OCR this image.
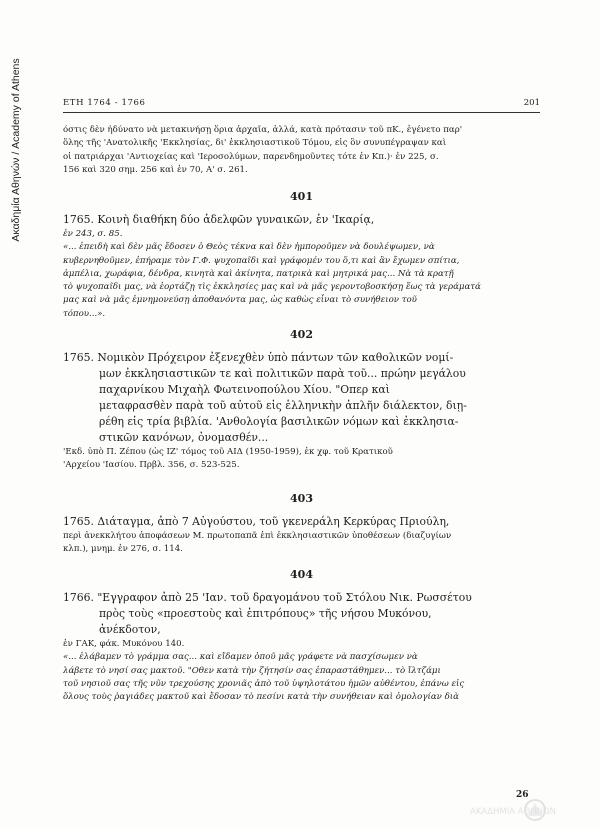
Ακαδημία Αθηνών / Academy of Athens	ΕΤΗ 1764 - 1766	201
όστις δὲν ἠδύνατο νὰ μετακινήσῃ ὅρια ἀρχαῖα, ἀλλά, κατὰ πρότασιν τοῦ πΚ., ἐγένετο παρ'
ὅλης τῆς 'Ανατολικῆς 'Εκκλησίας, δι' ἐκκλησιαστικοῦ Τόμου, εἰς ὃν συνυπέγραψαν καὶ
οἱ πατριάρχαι 'Αντιοχείας καὶ 'Ιεροσολύμων, παρενδημοῦντες τότε ἐν Κπ.)· ἐν 225, σ.
156 καὶ 320 σημ. 256 καὶ ἐν 70, Α' σ. 261.
401
1765. Κοινὴ διαθήκη δύο ἀδελφῶν γυναικῶν, ἐν 'Ικαρίᾳ,
ἐν 243, σ. 85.
«... ἐπειδὴ καὶ δὲν μᾶς ἔδοσεν ὁ Θεὸς τέκνα καὶ δὲν ἠμποροῦμεν νὰ δουλέψωμεν, νὰ
κυβερνηθοῦμεν, ἐπήραμε τὸν Γ.Φ. ψυχοπαῖδι καὶ γράφομέν του ὅ,τι καὶ ἂν ἔχωμεν σπίτια,
ἀμπέλια, χωράφια, δένδρα, κινητὰ καὶ ἀκίνητα, πατρικὰ καὶ μητρικά μας... Νὰ τὰ κρατῇ
τὸ ψυχοπαῖδι μας, νὰ ἑορτάζῃ τὶς ἐκκλησίες μας καὶ νὰ μᾶς γεροντοβοσκήσῃ ἕως τὰ γεράματά
μας καὶ νὰ μᾶς ἐμνημονεύσῃ ἀποθανόντα μας, ὡς καθὼς εἶναι τὸ συνήθειον τοῦ
τόπου...».
402
1765. Νομικὸν Πρόχειρον ἐξενεχθὲν ὑπὸ πάντων τῶν καθολικῶν νομί-
μων ἐκκλησιαστικῶν τε καὶ πολιτικῶν παρὰ τοῦ... πρώην μεγάλου
παχαρνίκου Μιχαὴλ Φωτεινοπούλου Χίου. "Οπερ καὶ
μεταφρασθὲν παρὰ τοῦ αὐτοῦ εἰς ἑλληνικὴν ἁπλῆν διάλεκτον, διῃ-
ρέθη εἰς τρία βιβλία. 'Ανθολογία βασιλικῶν νόμων καὶ ἐκκλησια-
στικῶν κανόνων, ὀνομασθέν...
'Εκδ. ὑπὸ Π. Ζέπου (ὡς ΙΖ' τόμος τοῦ ΑΙΔ (1950-1959), ἐκ χφ. τοῦ Κρατικοῦ
'Αρχείου 'Ιασίου. Πρβλ. 356, σ. 523-525.
403
1765. Διάταγμα, ἀπὸ 7 Αὐγούστου, τοῦ γκενεράλη Κερκύρας Πριούλη,
περὶ ἀνεκκλήτου ἀποφάσεων Μ. πρωτοπαπᾶ ἐπὶ ἐκκλησιαστικῶν ὑποθέσεων (διαζυγίων
κλπ.), μνημ. ἐν 276, σ. 114.
404
1766. "Εγγραφον ἀπὸ 25 'Ιαν. τοῦ δραγομάνου τοῦ Στόλου Νικ. Ρωσσέτου
πρὸς τοὺς «προεστοὺς καὶ ἐπιτρόπους» τῆς νήσου Μυκόνου,
ἀνέκδοτον,
ἐν ΓΑΚ, φάκ. Μυκόνου 140.
«... ἐλάβαμεν τὸ γράμμα σας... καὶ εἴδαμεν ὁποῦ μᾶς γράφετε νὰ πασχίσωμεν νὰ
λάβετε τὸ νησί σας μακτοῦ. "Οθεν κατὰ τὴν ζήτησίν σας ἐπαραστάθημεν... τὸ ἴλτζάμι
τοῦ νησιοῦ σας τῆς νῦν τρεχούσης χρονιᾶς ἀπὸ τοῦ ὑψηλοτάτου ἡμῶν αὐθέντου, ἐπάνω εἰς
ὅλους τοὺς ῥαγιάδες μακτοῦ καὶ ἔδοσαν τὸ πεσίνι κατὰ τὴν συνήθειαν καὶ ὁμολογίαν διὰ
26
ΑΚΑΔΗΜΙΑ ΑΘΗΝΩΝ
